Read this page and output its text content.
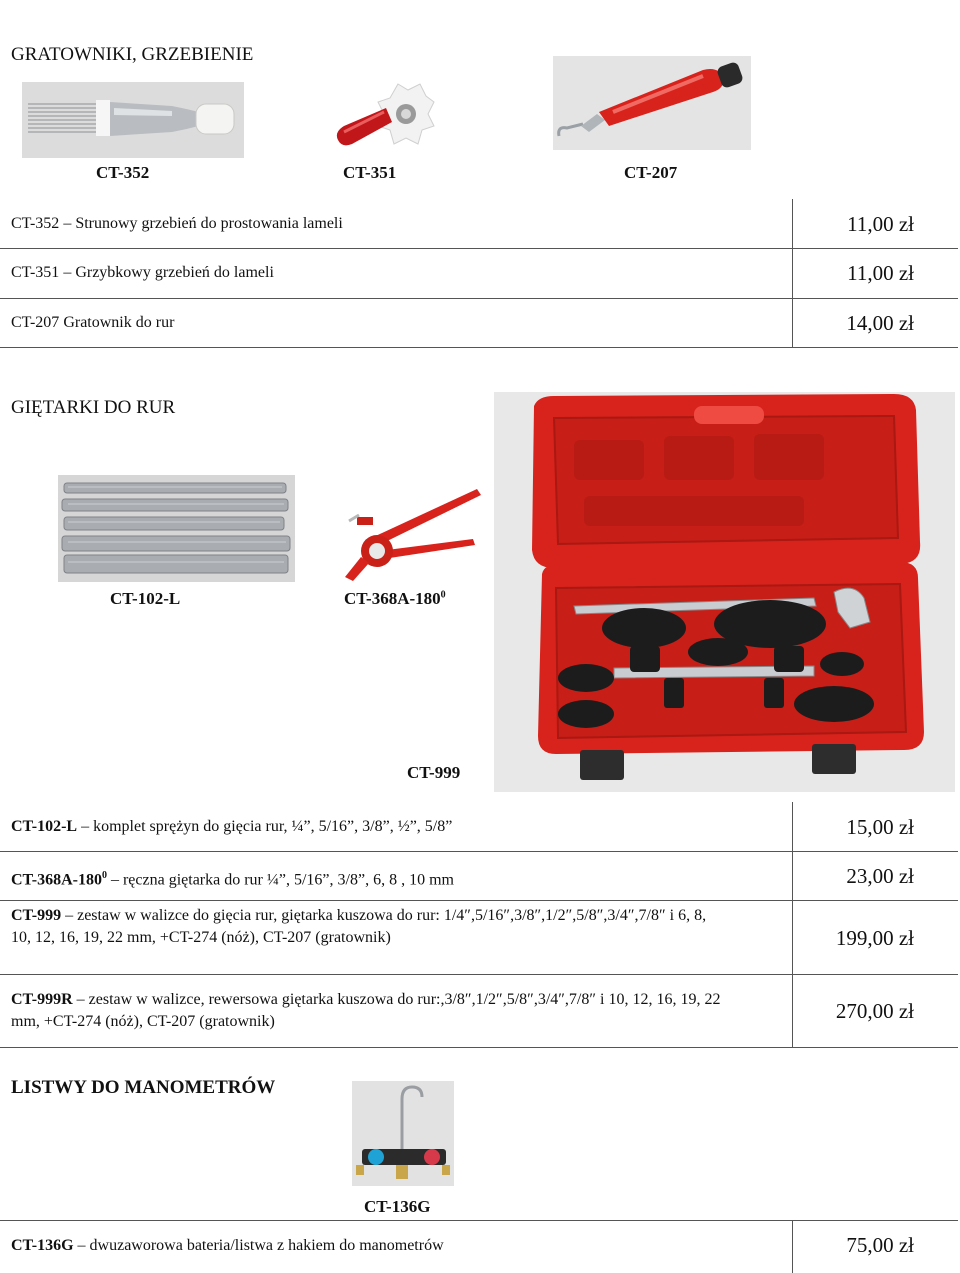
GRATOWNIKI, GRZEBIENIE
CT-352	CT-351	CT-207
CT-352 – Strunowy grzebień do prostowania lameli	11,00 zł
CT-351 – Grzybkowy grzebień do lameli	11,00 zł
CT-207 Gratownik do rur	14,00 zł
GIĘTARKI DO RUR
CT-102-L	$CT-368A-180^0$
CT-999
CT-102-L – komplet sprężyn do gięcia rur, ¼”, 5/16”, 3/8”, ½”, 5/8”	15,00 zł
$CT-368A-180^0$ – ręczna giętarka do rur ¼”, 5/16”, 3/8”, 6, 8 , 10 mm	23,00 zł
CT-999 – zestaw w walizce do gięcia rur, giętarka kuszowa do rur: 1/4″,5/16″,3/8″,1/2″,5/8″,3/4″,7/8″ i 6, 8, 10, 12, 16, 19, 22 mm, +CT-274 (nóż), CT-207 (gratownik)	199,00 zł
CT-999R – zestaw w walizce, rewersowa giętarka kuszowa do rur:,3/8″,1/2″,5/8″,3/4″,7/8″ i 10, 12, 16, 19, 22 mm, +CT-274 (nóż), CT-207 (gratownik)	270,00 zł
LISTWY DO MANOMETRÓW
CT-136G
CT-136G – dwuzaworowa bateria/listwa z hakiem do manometrów	75,00 zł
